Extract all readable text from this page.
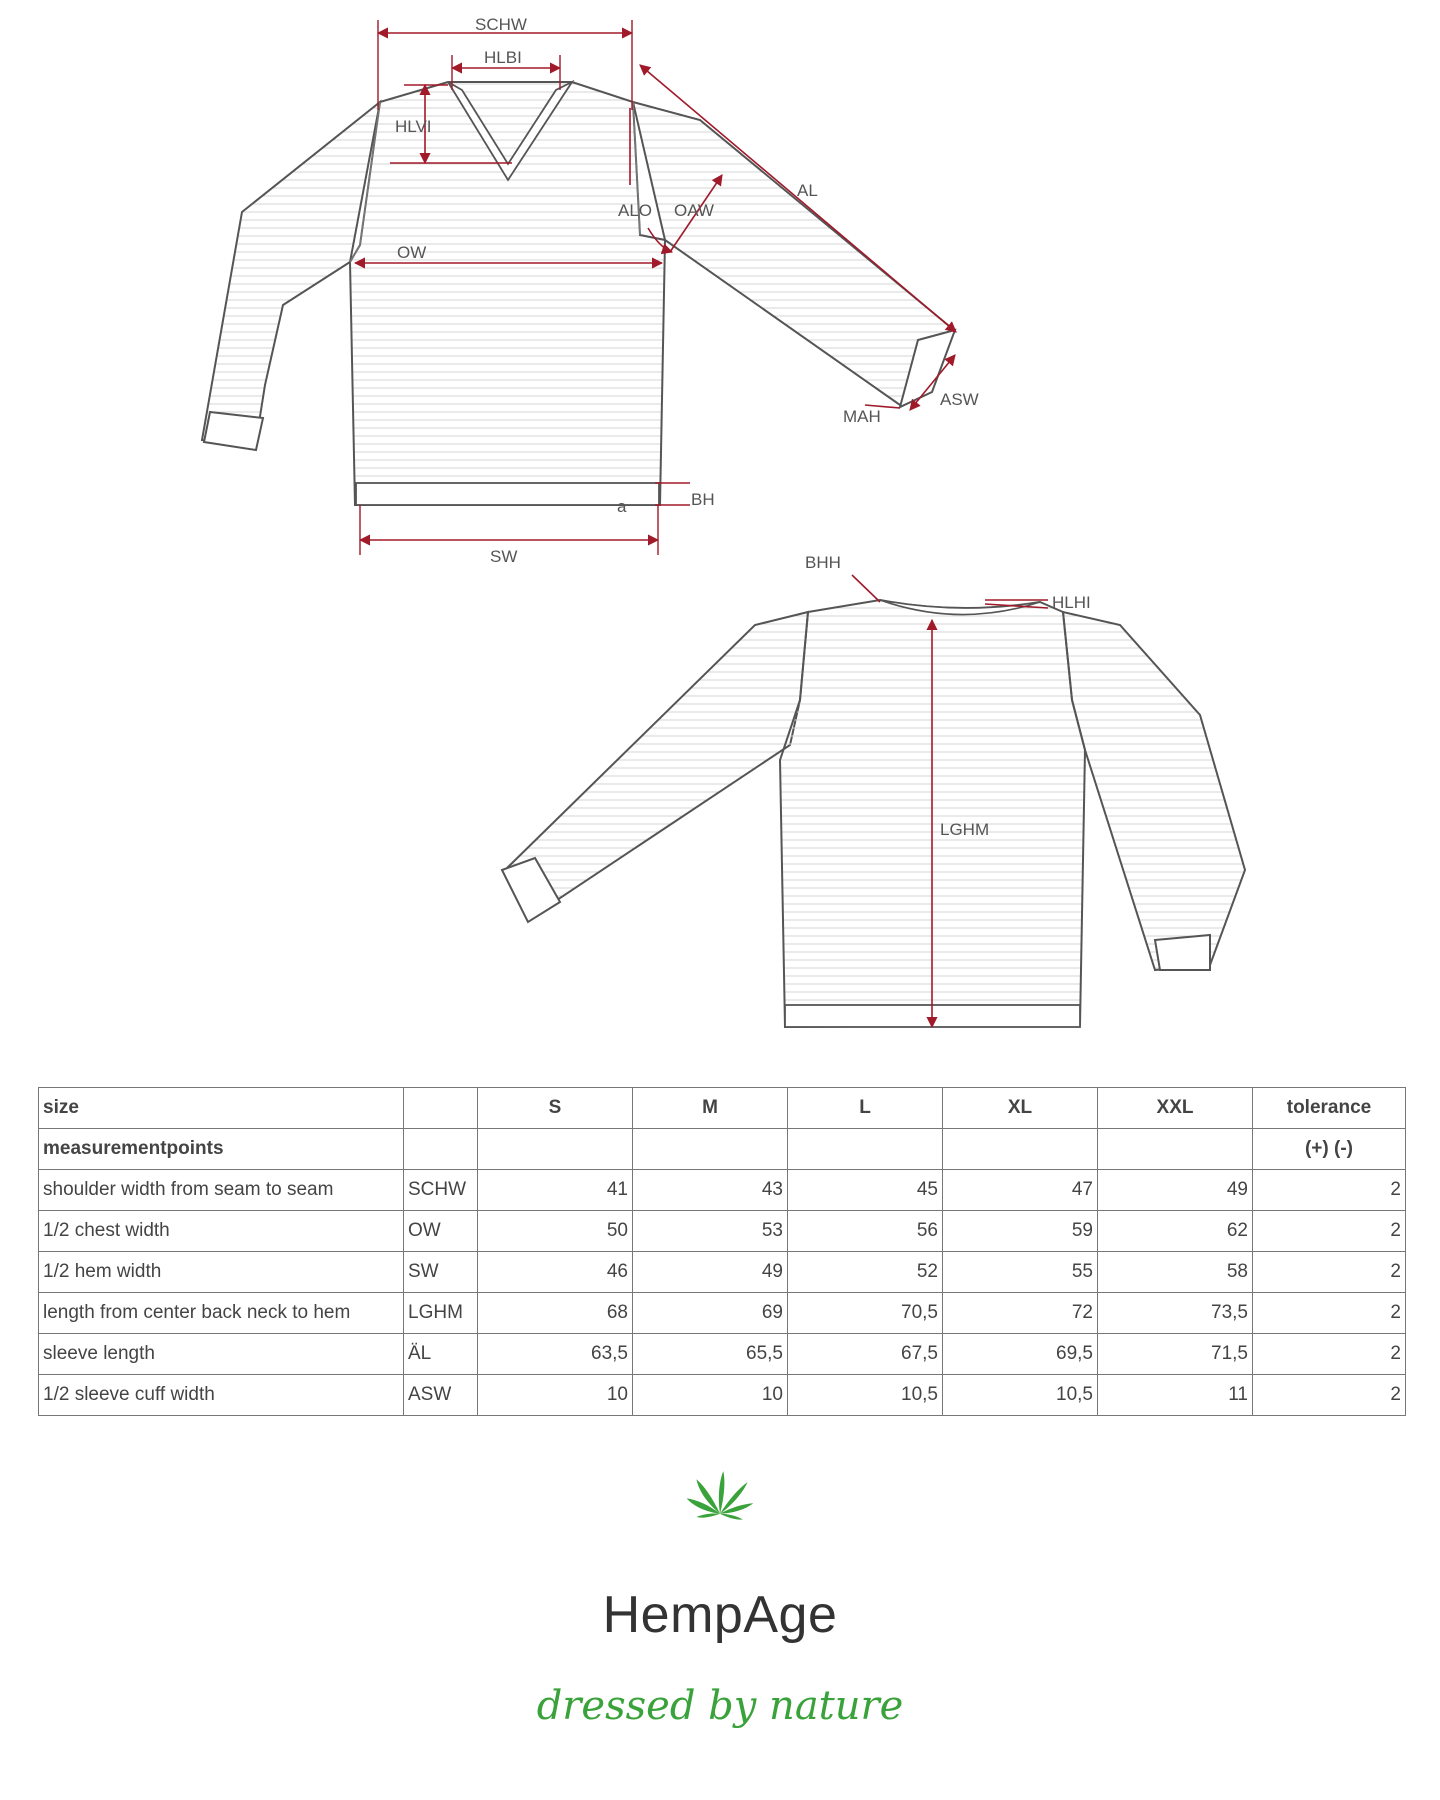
SCHW
HLBI
HLVI
ALO OAW
AL
OW
MAH
ASW
BH
a
SW	BHH
HLHI
LGHM
size		S	M	L	XL	XXL	tolerance
measurementpoints							(+) (-)
shoulder width from seam to seam	SCHW	41	43	45	47	49	2
1/2 chest width	OW	50	53	56	59	62	2
1/2 hem width	SW	46	49	52	55	58	2
length from center back neck to hem	LGHM	68	69	70,5	72	73,5	2
sleeve length	ÄL	63,5	65,5	67,5	69,5	71,5	2
1/2 sleeve cuff width	ASW	10	10	10,5	10,5	11	2
HempAge
dressed by nature
